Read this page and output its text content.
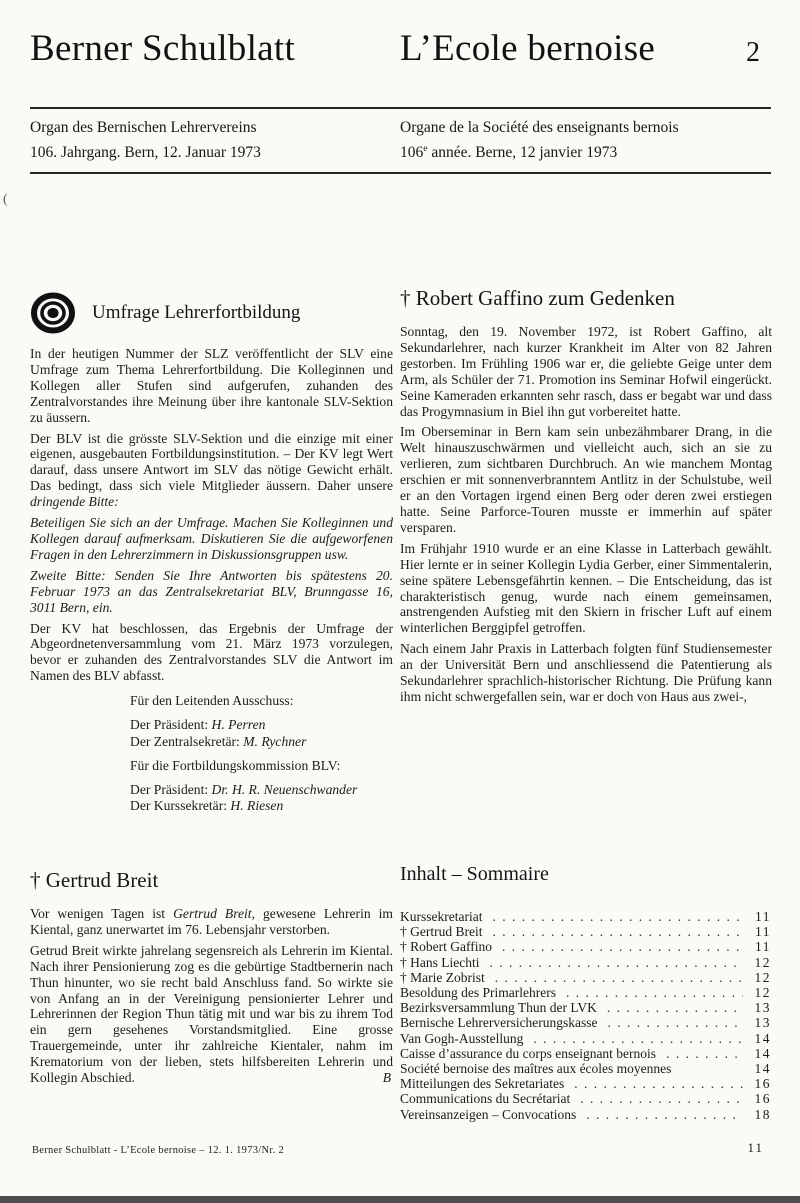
Berner Schulblatt	L’Ecole bernoise	2

Organ des Bernischen Lehrervereins

106. Jahrgang. Bern, 12. Januar 1973

Organe de la Société des enseignants bernois

106e année. Berne, 12 janvier 1973

(
Umfrage Lehrerfortbildung

In der heutigen Nummer der SLZ veröffentlicht der SLV eine Umfrage zum Thema Lehrerfortbildung. Die Kolleginnen und Kollegen aller Stufen sind aufgerufen, zuhanden des Zentralvorstandes ihre Meinung über ihre kantonale SLV-Sektion zu äussern.

Der BLV ist die grösste SLV-Sektion und die einzige mit einer eigenen, ausgebauten Fortbildungsinstitution. – Der KV legt Wert darauf, dass unsere Antwort im SLV das nötige Gewicht erhält. Das bedingt, dass sich viele Mitglieder äussern. Daher unsere dringende Bitte:

Beteiligen Sie sich an der Umfrage. Machen Sie Kolleginnen und Kollegen darauf aufmerksam. Diskutieren Sie die aufgeworfenen Fragen in den Lehrerzimmern in Diskussionsgruppen usw.

Zweite Bitte: Senden Sie Ihre Antworten bis spätestens 20. Februar 1973 an das Zentralsekretariat BLV, Brunngasse 16, 3011 Bern, ein.

Der KV hat beschlossen, das Ergebnis der Umfrage der Abgeordnetenversammlung vom 21. März 1973 vorzulegen, bevor er zuhanden des Zentralvorstandes SLV die Antwort im Namen des BLV abfasst.

Für den Leitenden Ausschuss:

Der Präsident: H. Perren

Der Zentralsekretär: M. Rychner

Für die Fortbildungskommission BLV:

Der Präsident: Dr. H. R. Neuenschwander

Der Kurssekretär: H. Riesen

† Robert Gaffino zum Gedenken

Sonntag, den 19. November 1972, ist Robert Gaffino, alt Sekundarlehrer, nach kurzer Krankheit im Alter von 82 Jahren gestorben. Im Frühling 1906 war er, die geliebte Geige unter dem Arm, als Schüler der 71. Promotion ins Seminar Hofwil eingerückt. Seine Kameraden erkannten sehr rasch, dass er begabt war und dass das Progymnasium in Biel ihn gut vorbereitet hatte.

Im Oberseminar in Bern kam sein unbezähmbarer Drang, in die Welt hinauszuschwärmen und vielleicht auch, sich an sie zu verlieren, zum sichtbaren Durchbruch. An wie manchem Montag erschien er mit sonnenverbranntem Antlitz in der Schulstube, weil er an den Vortagen irgend einen Berg oder deren zwei erstiegen hatte. Seine Parforce-Touren musste er immerhin auf später versparen.

Im Frühjahr 1910 wurde er an eine Klasse in Latterbach gewählt. Hier lernte er in seiner Kollegin Lydia Gerber, einer Simmentalerin, seine spätere Lebensgefährtin kennen. – Die Entscheidung, das ist charakteristisch genug, wurde nach einem gemeinsamen, anstrengenden Aufstieg mit den Skiern in frischer Luft auf einem winterlichen Berggipfel getroffen.

Nach einem Jahr Praxis in Latterbach folgten fünf Studiensemester an der Universität Bern und anschliessend die Patentierung als Sekundarlehrer sprachlich-historischer Richtung. Die Prüfung kann ihm nicht schwergefallen sein, war er doch von Haus aus zwei-,

† Gertrud Breit

Vor wenigen Tagen ist Gertrud Breit, gewesene Lehrerin im Kiental, ganz unerwartet im 76. Lebensjahr verstorben.

Getrud Breit wirkte jahrelang segensreich als Lehrerin im Kiental. Nach ihrer Pensionierung zog es die gebürtige Stadtbernerin nach Thun hinunter, wo sie recht bald Anschluss fand. So wirkte sie von Anfang an in der Vereinigung pensionierter Lehrer und Lehrerinnen der Region Thun tätig mit und war bis zu ihrem Tod ein gern gesehenes Vorstandsmitglied. Eine grosse Trauergemeinde, unter ihr zahlreiche Kientaler, nahm im Krematorium von der lieben, stets hilfsbereiten Lehrerin und Kollegin Abschied.	B

Inhalt – Sommaire
Kurssekretariat . . .	11
† Gertrud Breit . . .	11
† Robert Gaffino . . .	11
† Hans Liechti . . .	12
† Marie Zobrist . . .	12
Besoldung des Primarlehrers . . .	12
Bezirksversammlung Thun der LVK . . .	13
Bernische Lehrerversicherungskasse . . .	13
Van Gogh-Ausstellung . . .	14
Caisse d’assurance du corps enseignant bernois . . .	14
Société bernoise des maîtres aux écoles moyennes	14
Mitteilungen des Sekretariates . . .	16
Communications du Secrétariat . . .	16
Vereinsanzeigen – Convocations . . .	18
Berner Schulblatt - L’Ecole bernoise – 12. 1. 1973/Nr. 2	11
